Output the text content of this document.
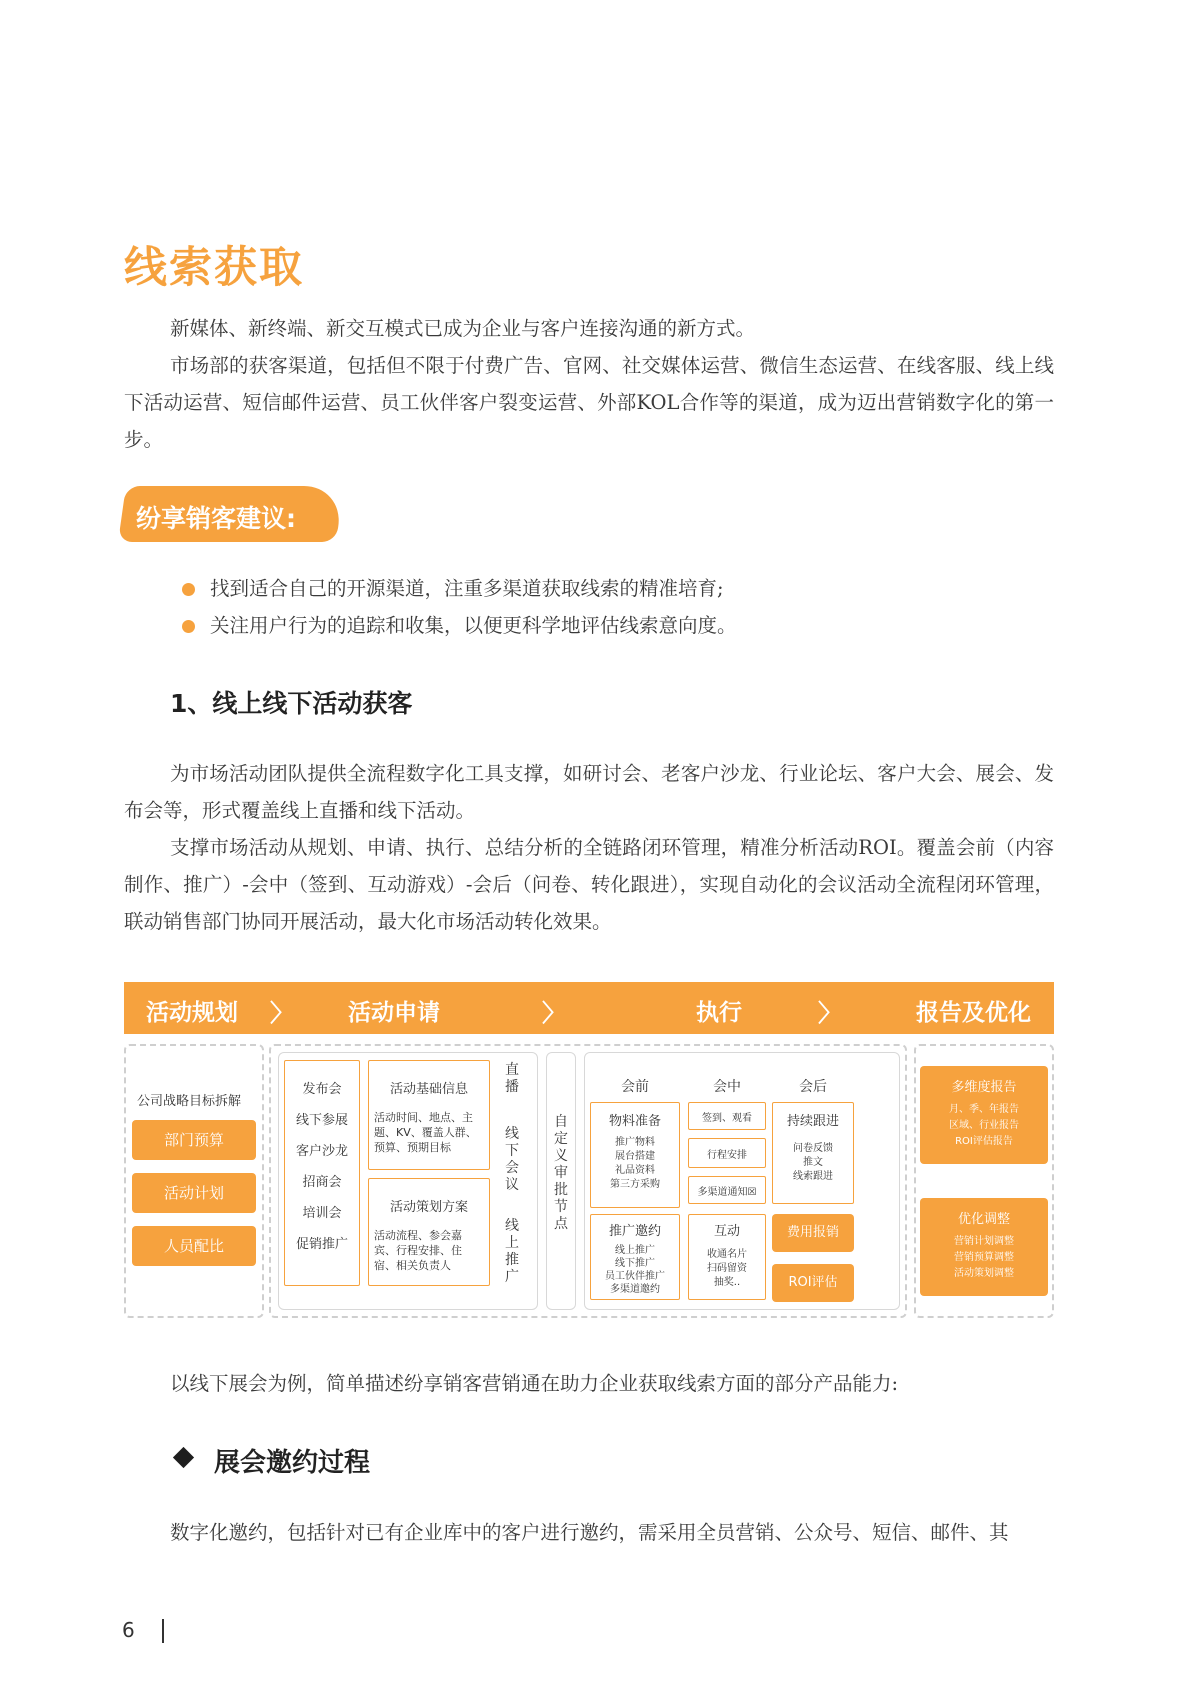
线索获取

新媒体、新终端、新交互模式已成为企业与客户连接沟通的新方式。

市场部的获客渠道，包括但不限于付费广告、官网、社交媒体运营、微信生态运营、在线客服、线上线下活动运营、短信邮件运营、员工伙伴客户裂变运营、外部KOL合作等的渠道，成为迈出营销数字化的第一步。

纷享销客建议:

找到适合自己的开源渠道，注重多渠道获取线索的精准培育;
关注用户行为的追踪和收集，以便更科学地评估线索意向度。
1、线上线下活动获客

为市场活动团队提供全流程数字化工具支撑，如研讨会、老客户沙龙、行业论坛、客户大会、展会、发布会等，形式覆盖线上直播和线下活动。

支撑市场活动从规划、申请、执行、总结分析的全链路闭环管理，精准分析活动ROI。覆盖会前（内容制作、推广）-会中（签到、互动游戏）-会后（问卷、转化跟进），实现自动化的会议活动全流程闭环管理，联动销售部门协同开展活动，最大化市场活动转化效果。

活动规划 〉 活动申请	〉	执行	〉	报告及优化
公司战略目标拆解
部门预算
活动计划
人员配比
发布会
线下参展
客户沙龙
招商会
培训会
促销推广
活动基础信息
活动时间、地点、主
题、KV、覆盖人群、
预算、预期目标
活动策划方案
活动流程、参会嘉
宾、行程安排、住
宿、相关负责人
直播
线下会议
线上推广
自定义审批节点
会前	会中	会后
物料准备
推广物料
展台搭建
礼品资料
第三方采购
签到、观看
行程安排
多渠道通知☒
持续跟进
问卷反馈
推文
线索跟进
推广邀约
线上推广
线下推广
员工伙伴推广
多渠道邀约
互动
收通名片
扫码留资
抽奖..
费用报销
ROI评估
多维度报告
月、季、年报告
区域、行业报告
ROI评估报告
优化调整
营销计划调整
营销预算调整
活动策划调整

以线下展会为例，简单描述纷享销客营销通在助力企业获取线索方面的部分产品能力:

展会邀约过程

数字化邀约，包括针对已有企业库中的客户进行邀约，需采用全员营销、公众号、短信、邮件、其

6
